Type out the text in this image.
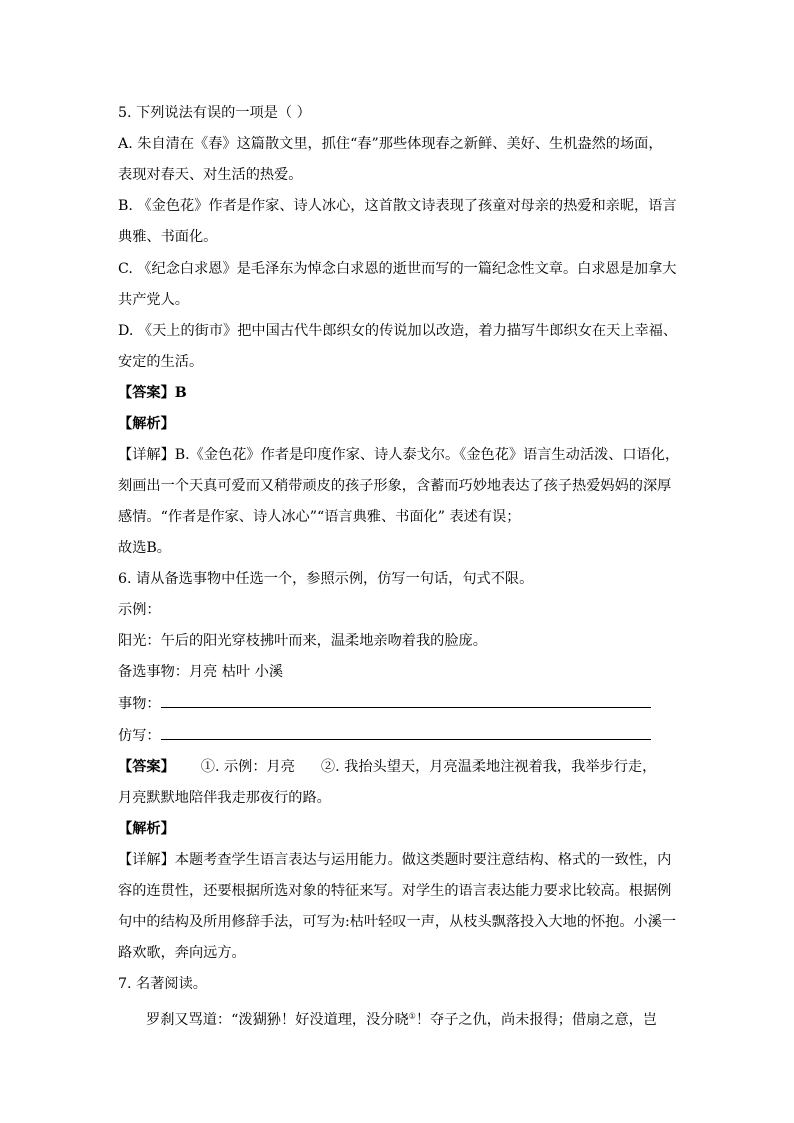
5. 下列说法有误的一项是（ ）
A. 朱自清在《春》这篇散文里，抓住“春”那些体现春之新鲜、美好、生机盎然的场面，
表现对春天、对生活的热爱。
B. 《金色花》作者是作家、诗人冰心，这首散文诗表现了孩童对母亲的热爱和亲昵，语言
典雅、书面化。
C. 《纪念白求恩》是毛泽东为悼念白求恩的逝世而写的一篇纪念性文章。白求恩是加拿大
共产党人。
D. 《天上的街市》把中国古代牛郎织女的传说加以改造，着力描写牛郎织女在天上幸福、
安定的生活。
【答案】B
【解析】
【详解】B.《金色花》作者是印度作家、诗人泰戈尔。《金色花》语言生动活泼、口语化，
刻画出一个天真可爱而又稍带顽皮的孩子形象，含蓄而巧妙地表达了孩子热爱妈妈的深厚
感情。“作者是作家、诗人冰心”“语言典雅、书面化” 表述有误；
故选B。
6. 请从备选事物中任选一个，参照示例，仿写一句话，句式不限。
示例：
阳光：午后的阳光穿枝拂叶而来，温柔地亲吻着我的脸庞。
备选事物：月亮 枯叶 小溪
事物：
仿写：
【答案】 ①. 示例：月亮 ②. 我抬头望天，月亮温柔地注视着我，我举步行走，
月亮默默地陪伴我走那夜行的路。
【解析】
【详解】本题考查学生语言表达与运用能力。做这类题时要注意结构、格式的一致性，内
容的连贯性，还要根据所选对象的特征来写。对学生的语言表达能力要求比较高。根据例
句中的结构及所用修辞手法，可写为:枯叶轻叹一声，从枝头飘落投入大地的怀抱。小溪一
路欢歌，奔向远方。
7. 名著阅读。
罗刹又骂道：“泼猢狲！好没道理，没分晓①！夺子之仇，尚未报得；借扇之意，岂
